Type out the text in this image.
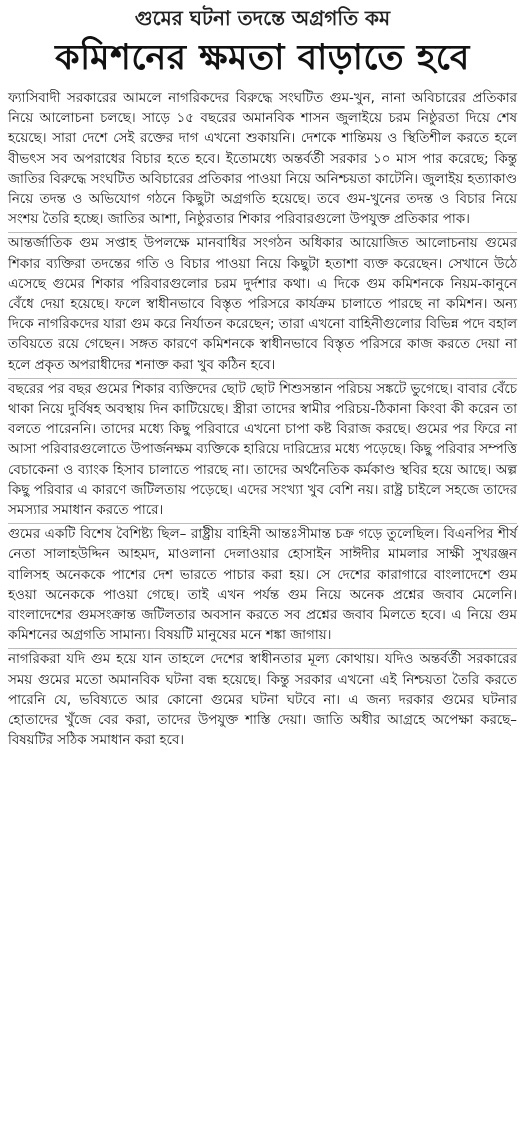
গুমের ঘটনা তদন্তে অগ্রগতি কম
কমিশনের ক্ষমতা বাড়াতে হবে

ফ্যাসিবাদী সরকারের আমলে নাগরিকদের বিরুদ্ধে সংঘটিত গুম-খুন, নানা অবিচারের প্রতিকার নিয়ে আলোচনা চলছে। সাড়ে ১৫ বছরের অমানবিক শাসন জুলাইয়ে চরম নিষ্ঠুরতা দিয়ে শেষ হয়েছে। সারা দেশে সেই রক্তের দাগ এখনো শুকায়নি। দেশকে শান্তিময় ও স্থিতিশীল করতে হলে বীভৎস সব অপরাধের বিচার হতে হবে। ইতোমধ্যে অন্তর্বর্তী সরকার ১০ মাস পার করেছে; কিন্তু জাতির বিরুদ্ধে সংঘটিত অবিচারের প্রতিকার পাওয়া নিয়ে অনিশ্চয়তা কাটেনি। জুলাইয় হত্যাকাণ্ড নিয়ে তদন্ত ও অভিযোগ গঠনে কিছুটা অগ্রগতি হয়েছে। তবে গুম-খুনের তদন্ত ও বিচার নিয়ে সংশয় তৈরি হচ্ছে। জাতির আশা, নিষ্ঠুরতার শিকার পরিবারগুলো উপযুক্ত প্রতিকার পাক।

আন্তর্জাতিক গুম সপ্তাহ উপলক্ষে মানবাধির সংগঠন অধিকার আয়োজিত আলোচনায় গুমের শিকার ব্যক্তিরা তদন্তের গতি ও বিচার পাওয়া নিয়ে কিছুটা হতাশা ব্যক্ত করেছেন। সেখানে উঠে এসেছে গুমের শিকার পরিবারগুলোর চরম দুর্দশার কথা। এ দিকে গুম কমিশনকে নিয়ম-কানুনে বেঁধে দেয়া হয়েছে। ফলে স্বাধীনভাবে বিস্তৃত পরিসরে কার্যক্রম চালাতে পারছে না কমিশন। অন্য দিকে নাগরিকদের যারা গুম করে নির্যাতন করেছেন; তারা এখনো বাহিনীগুলোর বিভিন্ন পদে বহাল তবিয়তে রয়ে গেছেন। সঙ্গত কারণে কমিশনকে স্বাধীনভাবে বিস্তৃত পরিসরে কাজ করতে দেয়া না হলে প্রকৃত অপরাধীদের শনাক্ত করা খুব কঠিন হবে।

বছরের পর বছর গুমের শিকার ব্যক্তিদের ছোট ছোট শিশুসন্তান পরিচয় সঙ্কটে ভুগেছে। বাবার বেঁচে থাকা নিয়ে দুর্বিষহ অবস্থায় দিন কাটিয়েছে। স্ত্রীরা তাদের স্বামীর পরিচয়-ঠিকানা কিংবা কী করেন তা বলতে পারেননি। তাদের মধ্যে কিছু পরিবারে এখনো চাপা কষ্ট বিরাজ করছে। গুমের পর ফিরে না আসা পরিবারগুলোতে উপার্জনক্ষম ব্যক্তিকে হারিয়ে দারিদ্র্যের মধ্যে পড়েছে। কিছু পরিবার সম্পত্তি বেচাকেনা ও ব্যাংক হিসাব চালাতে পারছে না। তাদের অর্থনৈতিক কর্মকাণ্ড স্থবির হয়ে আছে। অল্প কিছু পরিবার এ কারণে জটিলতায় পড়েছে। এদের সংখ্যা খুব বেশি নয়। রাষ্ট্র চাইলে সহজে তাদের সমস্যার সমাধান করতে পারে।

গুমের একটি বিশেষ বৈশিষ্ট্য ছিল– রাষ্ট্রীয় বাহিনী আন্তঃসীমান্ত চক্র গড়ে তুলেছিল। বিএনপির শীর্ষ নেতা সালাহউদ্দিন আহমদ, মাওলানা দেলাওয়ার হোসাইন সাঈদীর মামলার সাক্ষী সুখরঞ্জন বালিসহ অনেককে পাশের দেশ ভারতে পাচার করা হয়। সে দেশের কারাগারে বাংলাদেশে গুম হওয়া অনেককে পাওয়া গেছে। তাই এখন পর্যন্ত গুম নিয়ে অনেক প্রশ্নের জবাব মেলেনি। বাংলাদেশের গুমসংক্রান্ত জটিলতার অবসান করতে সব প্রশ্নের জবাব মিলতে হবে। এ নিয়ে গুম কমিশনের অগ্রগতি সামান্য। বিষয়টি মানুষের মনে শঙ্কা জাগায়।

নাগরিকরা যদি গুম হয়ে যান তাহলে দেশের স্বাধীনতার মূল্য কোথায়। যদিও অন্তর্বর্তী সরকারের সময় গুমের মতো অমানবিক ঘটনা বন্ধ হয়েছে। কিন্তু সরকার এখনো এই নিশ্চয়তা তৈরি করতে পারেনি যে, ভবিষ্যতে আর কোনো গুমের ঘটনা ঘটবে না। এ জন্য দরকার গুমের ঘটনার হোতাদের খুঁজে বের করা, তাদের উপযুক্ত শাস্তি দেয়া। জাতি অধীর আগ্রহে অপেক্ষা করছে– বিষয়টির সঠিক সমাধান করা হবে।
